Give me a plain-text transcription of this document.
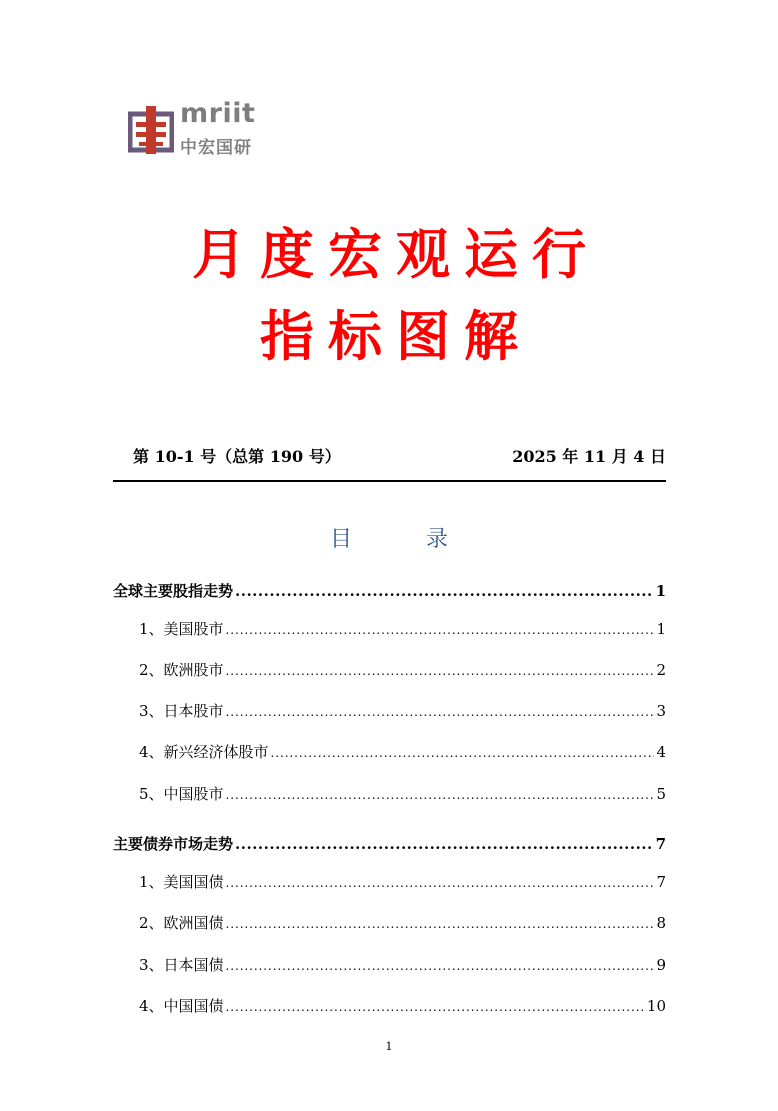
mriit
中宏国研
月度宏观运行
指标图解
第 10-1 号（总第 190 号）	2025 年 11 月 4 日
目　录
全球主要股指走势 .....	1
1、美国股市 .....	1
2、欧洲股市 .....	2
3、日本股市 .....	3
4、新兴经济体股市 .....	4
5、中国股市 .....	5
主要债券市场走势 .....	7
1、美国国债 .....	7
2、欧洲国债 .....	8
3、日本国债 .....	9
4、中国国债 .....	10
1
